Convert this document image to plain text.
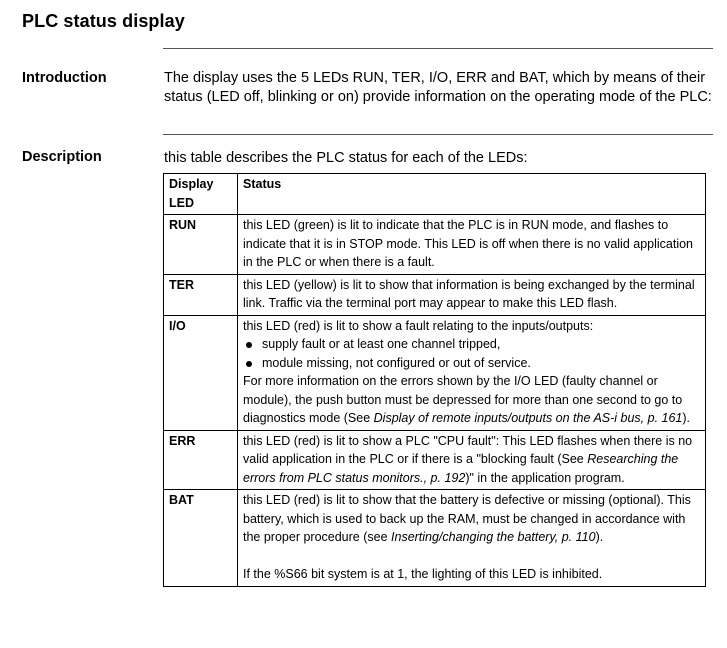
PLC status display
Introduction	The display uses the 5 LEDs RUN, TER, I/O, ERR and BAT, which by means of their status (LED off, blinking or on) provide information on the operating mode of the PLC:
Description	this table describes the PLC status for each of the LEDs:
Display LED	Status
RUN	this LED (green) is lit to indicate that the PLC is in RUN mode, and flashes to indicate that it is in STOP mode. This LED is off when there is no valid application in the PLC or when there is a fault.
TER	this LED (yellow) is lit to show that information is being exchanged by the terminal link. Traffic via the terminal port may appear to make this LED flash.
I/O	this LED (red) is lit to show a fault relating to the inputs/outputs:
supply fault or at least one channel tripped,
module missing, not configured or out of service.
For more information on the errors shown by the I/O LED (faulty channel or module), the push button must be depressed for more than one second to go to diagnostics mode (See Display of remote inputs/outputs on the AS-i bus, p. 161).

ERR	this LED (red) is lit to show a PLC "CPU fault": This LED flashes when there is no valid application in the PLC or if there is a "blocking fault (See Researching the errors from PLC status monitors., p. 192)" in the application program.
BAT	this LED (red) is lit to show that the battery is defective or missing (optional). This battery, which is used to back up the RAM, must be changed in accordance with the proper procedure (see Inserting/changing the battery, p. 110).
If the %S66 bit system is at 1, the lighting of this LED is inhibited.
